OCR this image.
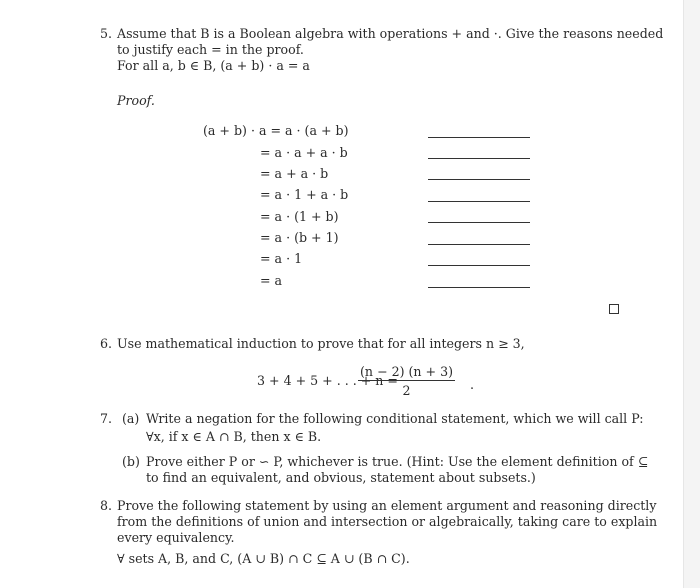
5. Assume that B is a Boolean algebra with operations + and ·. Give the reasons needed
to justify each = in the proof.
For all a, b ∈ B, (a + b) · a = a
Proof.
(a + b) · a = a · (a + b)
= a · a + a · b
= a + a · b
= a · 1 + a · b
= a · (1 + b)
= a · (b + 1)
= a · 1
= a
6. Use mathematical induction to prove that for all integers n ≥ 3,
3 + 4 + 5 + . . . + n =
$\frac{(n - 2) (n + 3)}{2}$ .
7. (a) Write a negation for the following conditional statement, which we will call P:
∀x, if x ∈ A ∩ B, then x ∈ B.
(b) Prove either P or ∽ P, whichever is true. (Hint: Use the element definition of ⊆
to find an equivalent, and obvious, statement about subsets.)
8. Prove the following statement by using an element argument and reasoning directly
from the definitions of union and intersection or algebraically, taking care to explain
every equivalency.
∀ sets A, B, and C, (A ∪ B) ∩ C ⊆ A ∪ (B ∩ C).
